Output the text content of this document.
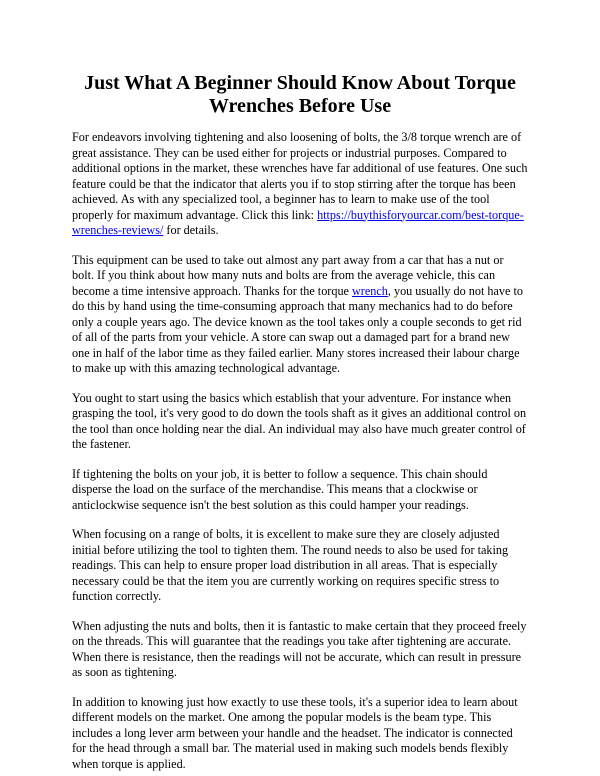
Just What A Beginner Should Know About Torque
Wrenches Before Use

For endeavors involving tightening and also loosening of bolts, the 3/8 torque wrench are of great assistance. They can be used either for projects or industrial purposes. Compared to additional options in the market, these wrenches have far additional of use features. One such feature could be that the indicator that alerts you if to stop stirring after the torque has been achieved. As with any specialized tool, a beginner has to learn to make use of the tool properly for maximum advantage. Click this link: https://buythisforyourcar.com/best-torque-wrenches-reviews/ for details.

This equipment can be used to take out almost any part away from a car that has a nut or bolt. If you think about how many nuts and bolts are from the average vehicle, this can become a time intensive approach. Thanks for the torque wrench, you usually do not have to do this by hand using the time-consuming approach that many mechanics had to do before only a couple years ago. The device known as the tool takes only a couple seconds to get rid of all of the parts from your vehicle. A store can swap out a damaged part for a brand new one in half of the labor time as they failed earlier. Many stores increased their labour charge to make up with this amazing technological advantage.

You ought to start using the basics which establish that your adventure. For instance when grasping the tool, it's very good to do down the tools shaft as it gives an additional control on the tool than once holding near the dial. An individual may also have much greater control of the fastener.

If tightening the bolts on your job, it is better to follow a sequence. This chain should disperse the load on the surface of the merchandise. This means that a clockwise or anticlockwise sequence isn't the best solution as this could hamper your readings.

When focusing on a range of bolts, it is excellent to make sure they are closely adjusted initial before utilizing the tool to tighten them. The round needs to also be used for taking readings. This can help to ensure proper load distribution in all areas. That is especially necessary could be that the item you are currently working on requires specific stress to function correctly.

When adjusting the nuts and bolts, then it is fantastic to make certain that they proceed freely on the threads. This will guarantee that the readings you take after tightening are accurate. When there is resistance, then the readings will not be accurate, which can result in pressure as soon as tightening.

In addition to knowing just how exactly to use these tools, it's a superior idea to learn about different models on the market. One among the popular models is the beam type. This includes a long lever arm between your handle and the headset. The indicator is connected for the head through a small bar. The material used in making such models bends flexibly when torque is applied.
